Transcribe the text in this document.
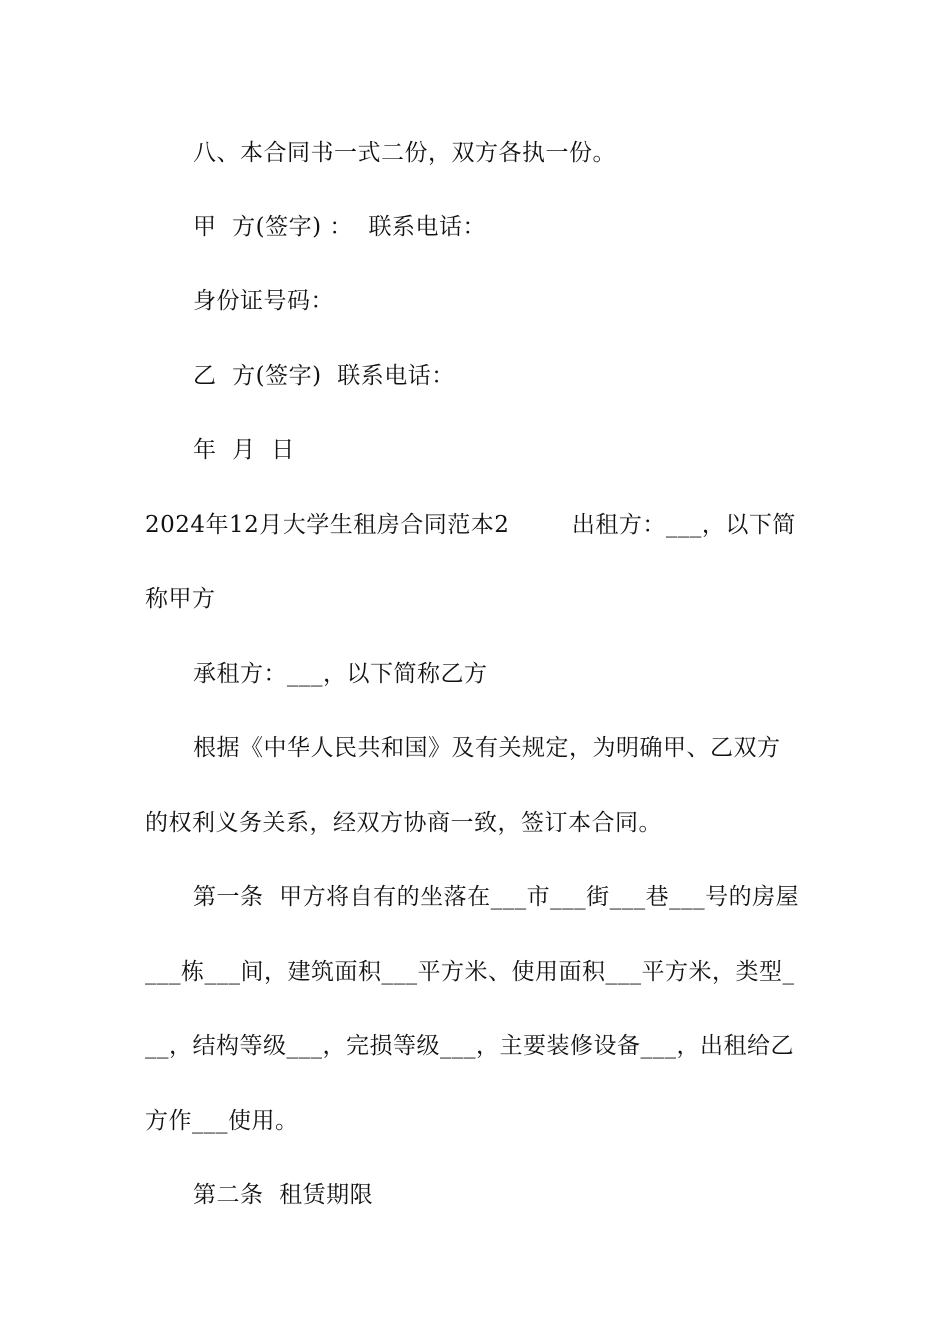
八、本合同书一式二份，双方各执一份。
甲  方(签字) ：  联系电话：
身份证号码：
乙  方(签字)  联系电话：
年  月  日
2024年12月大学生租房合同范本2        出租方：___，以下简
称甲方
承租方：___，以下简称乙方
根据《中华人民共和国》及有关规定，为明确甲、乙双方
的权利义务关系，经双方协商一致，签订本合同。
第一条  甲方将自有的坐落在___市___街___巷___号的房屋
___栋___间，建筑面积___平方米、使用面积___平方米，类型_
__，结构等级___，完损等级___，主要装修设备___，出租给乙
方作___使用。
第二条  租赁期限
